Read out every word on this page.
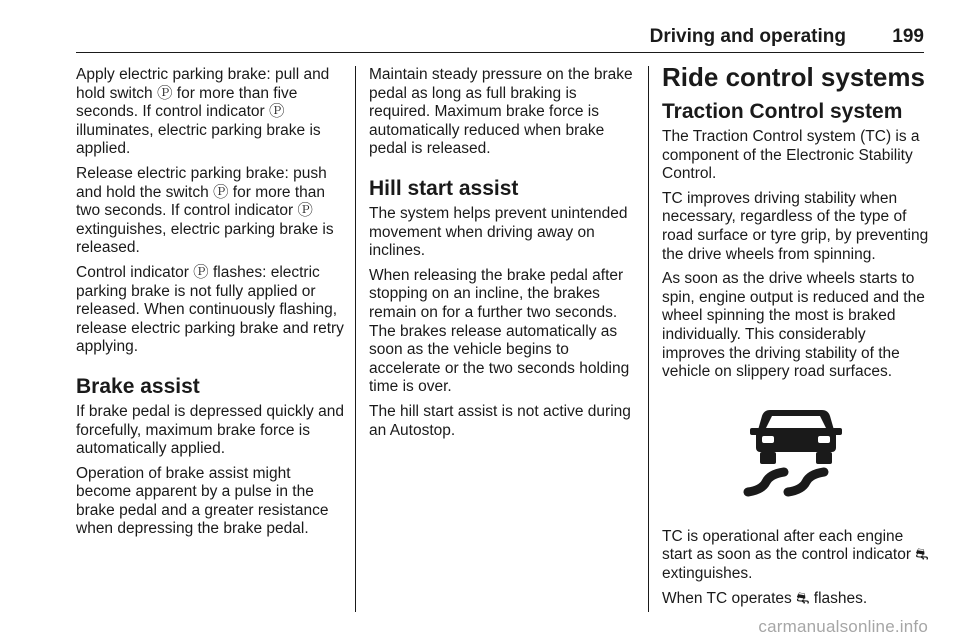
Driving and operating 199

Apply electric parking brake: pull and hold switch Ⓟ for more than five seconds. If control indicator Ⓟ illuminates, electric parking brake is applied.

Release electric parking brake: push and hold the switch Ⓟ for more than two seconds. If control indicator Ⓟ extinguishes, electric parking brake is released.

Control indicator Ⓟ flashes: electric parking brake is not fully applied or released. When continuously flashing, release electric parking brake and retry applying.

Brake assist

If brake pedal is depressed quickly and forcefully, maximum brake force is automatically applied.

Operation of brake assist might become apparent by a pulse in the brake pedal and a greater resistance when depressing the brake pedal.

Maintain steady pressure on the brake pedal as long as full braking is required. Maximum brake force is automatically reduced when brake pedal is released.

Hill start assist

The system helps prevent unintended movement when driving away on inclines.

When releasing the brake pedal after stopping on an incline, the brakes remain on for a further two seconds. The brakes release automatically as soon as the vehicle begins to accelerate or the two seconds holding time is over.

The hill start assist is not active during an Autostop.

Ride control systems
Traction Control system

The Traction Control system (TC) is a component of the Electronic Stability Control.

TC improves driving stability when necessary, regardless of the type of road surface or tyre grip, by preventing the drive wheels from spinning.

As soon as the drive wheels starts to spin, engine output is reduced and the wheel spinning the most is braked individually. This considerably improves the driving stability of the vehicle on slippery road surfaces.

TC is operational after each engine start as soon as the control indicator ⛐ extinguishes.

When TC operates ⛐ flashes.

carmanualsonline.info
